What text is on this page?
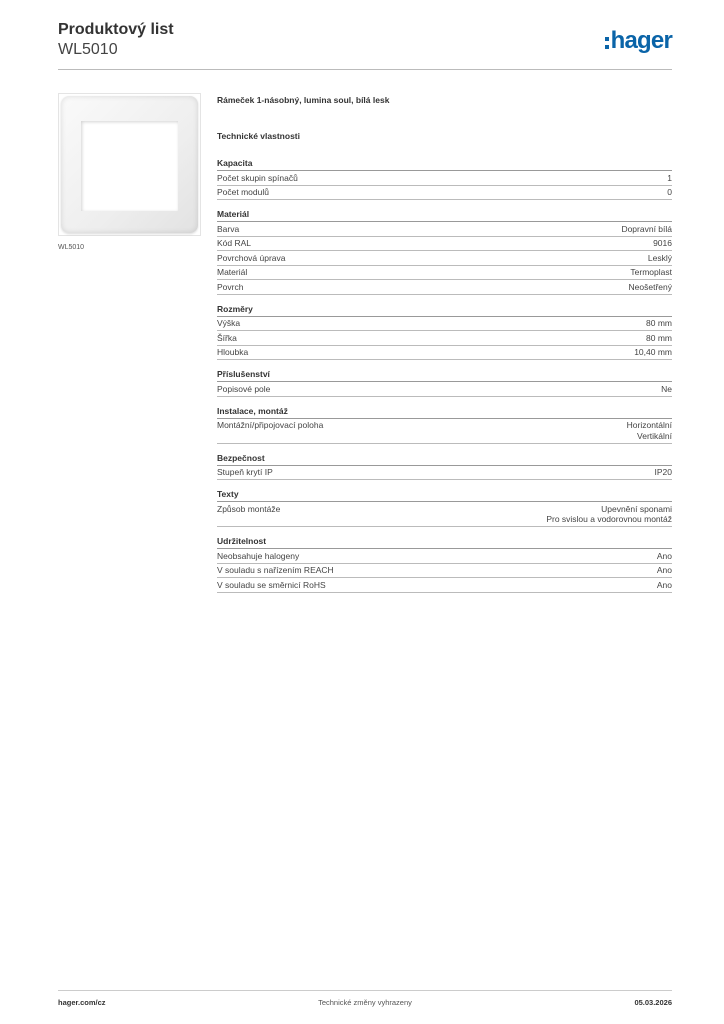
Produktový list
WL5010	hager
WL5010
Rámeček 1-násobný, lumina soul, bílá lesk
Technické vlastnosti
Kapacita
Počet skupin spínačů	1
Počet modulů	0
Materiál
Barva	Dopravní bílá
Kód RAL	9016
Povrchová úprava	Lesklý
Materiál	Termoplast
Povrch	Neošetřený
Rozměry
Výška	80 mm
Šířka	80 mm
Hloubka	10,40 mm
Příslušenství
Popisové pole	Ne
Instalace, montáž
Montážní/připojovací poloha	Horizontální
Vertikální
Bezpečnost
Stupeň krytí IP	IP20
Texty
Způsob montáže	Upevnění sponami
Pro svislou a vodorovnou montáž
Udržitelnost
Neobsahuje halogeny	Ano
V souladu s nařízením REACH	Ano
V souladu se směrnicí RoHS	Ano
hager.com/cz	Technické změny vyhrazeny	05.03.2026
